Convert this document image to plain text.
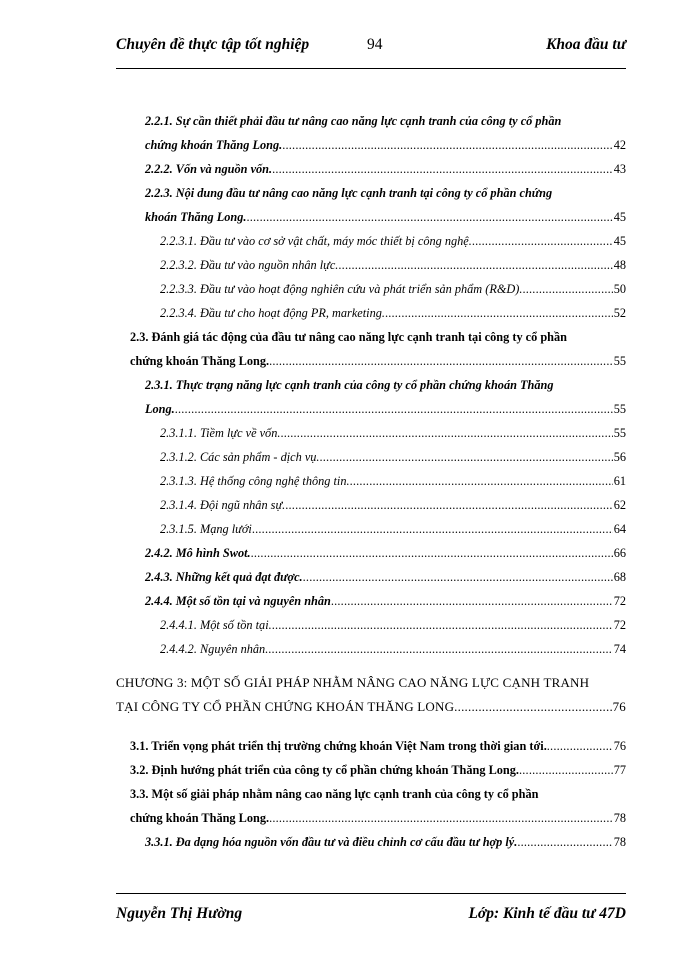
Chuyên đề thực tập tốt nghiệp	94	Khoa đầu tư
2.2.1. Sự cần thiết phải đầu tư nâng cao năng lực cạnh tranh của công ty cổ phần
chứng khoán Thăng Long. .....	42
2.2.2. Vốn và nguồn vốn. .....	43
2.2.3. Nội dung đầu tư nâng cao năng lực cạnh tranh tại công ty cổ phần chứng
khoán Thăng Long. .....	45
2.2.3.1. Đầu tư vào cơ sở vật chất, máy móc thiết bị công nghệ. .....	45
2.2.3.2. Đầu tư vào nguồn nhân lực. .....	48
2.2.3.3. Đầu tư vào hoạt động nghiên cứu và phát triển sản phẩm (R&D). .....	50
2.2.3.4. Đầu tư cho hoạt động PR, marketing. .....	52
2.3. Đánh giá tác động của đầu tư nâng cao năng lực cạnh tranh tại công ty cổ phần
chứng khoán Thăng Long. .....	55
2.3.1. Thực trạng năng lực cạnh tranh của công ty cổ phần chứng khoán Thăng
Long. .....	55
2.3.1.1. Tiềm lực về vốn. .....	55
2.3.1.2. Các sản phẩm - dịch vụ. .....	56
2.3.1.3. Hệ thống công nghệ thông tin. .....	61
2.3.1.4. Đội ngũ nhân sự. .....	62
2.3.1.5. Mạng lưới .....	64
2.4.2. Mô hình Swot. .....	66
2.4.3. Những kết quả đạt được. .....	68
2.4.4. Một số tồn tại và nguyên nhân .....	72
2.4.4.1. Một số tồn tại. .....	72
2.4.4.2. Nguyên nhân. .....	74
CHƯƠNG 3: MỘT SỐ GIẢI PHÁP NHẰM NÂNG CAO NĂNG LỰC CẠNH TRANH
TẠI CÔNG TY CỔ PHẦN CHỨNG KHOÁN THĂNG LONG. .....	76
3.1. Triển vọng phát triển thị trường chứng khoán Việt Nam trong thời gian tới. .....	76
3.2. Định hướng phát triển của công ty cổ phần chứng khoán Thăng Long. .....	77
3.3. Một số giải pháp nhằm nâng cao năng lực cạnh tranh của công ty cổ phần
chứng khoán Thăng Long. .....	78
3.3.1. Đa dạng hóa nguồn vốn đầu tư và điều chỉnh cơ cấu đầu tư hợp lý. .....	78
Nguyễn Thị Hường	Lớp: Kinh tế đầu tư 47D
